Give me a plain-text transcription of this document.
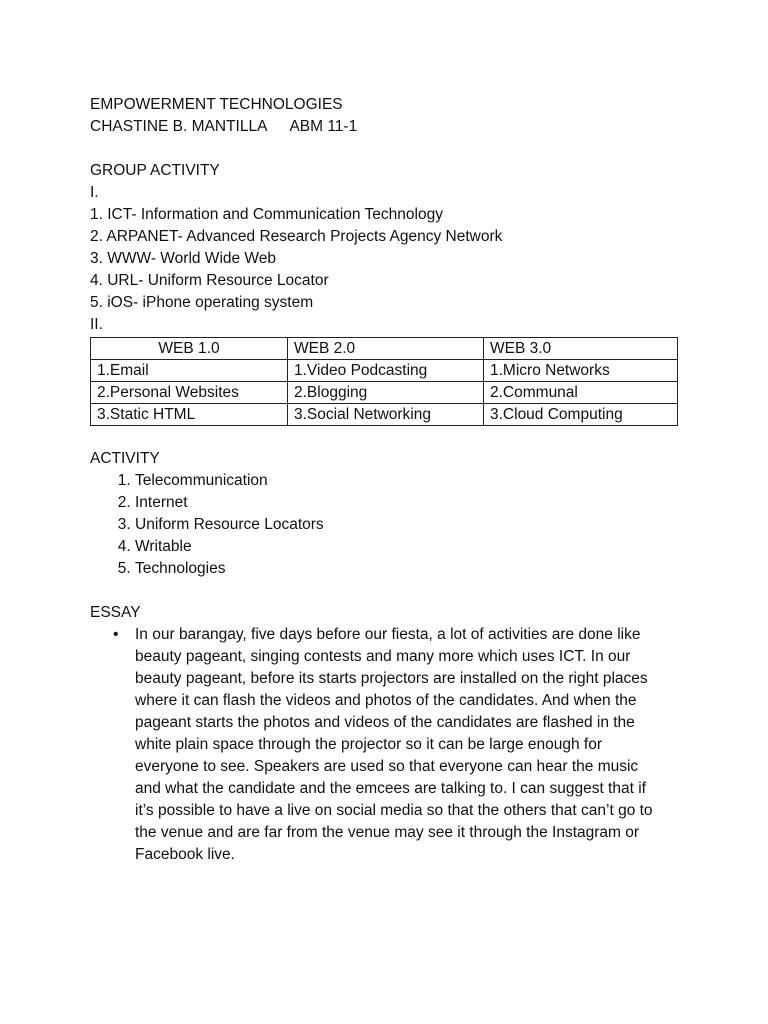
EMPOWERMENT TECHNOLOGIES
CHASTINE B. MANTILLA ABM 11-1
GROUP ACTIVITY
I.
1. ICT- Information and Communication Technology
2. ARPANET- Advanced Research Projects Agency Network
3. WWW- World Wide Web
4. URL- Uniform Resource Locator
5. iOS- iPhone operating system
II.
WEB 1.0	WEB 2.0	WEB 3.0
1.Email	1.Video Podcasting	1.Micro Networks
2.Personal Websites	2.Blogging	2.Communal
3.Static HTML	3.Social Networking	3.Cloud Computing
ACTIVITY
1. Telecommunication
2. Internet
3. Uniform Resource Locators
4. Writable
5. Technologies
ESSAY
• In our barangay, five days before our fiesta, a lot of activities are done like
beauty pageant, singing contests and many more which uses ICT. In our
beauty pageant, before its starts projectors are installed on the right places
where it can flash the videos and photos of the candidates. And when the
pageant starts the photos and videos of the candidates are flashed in the
white plain space through the projector so it can be large enough for
everyone to see. Speakers are used so that everyone can hear the music
and what the candidate and the emcees are talking to. I can suggest that if
it’s possible to have a live on social media so that the others that can’t go to
the venue and are far from the venue may see it through the Instagram or
Facebook live.
